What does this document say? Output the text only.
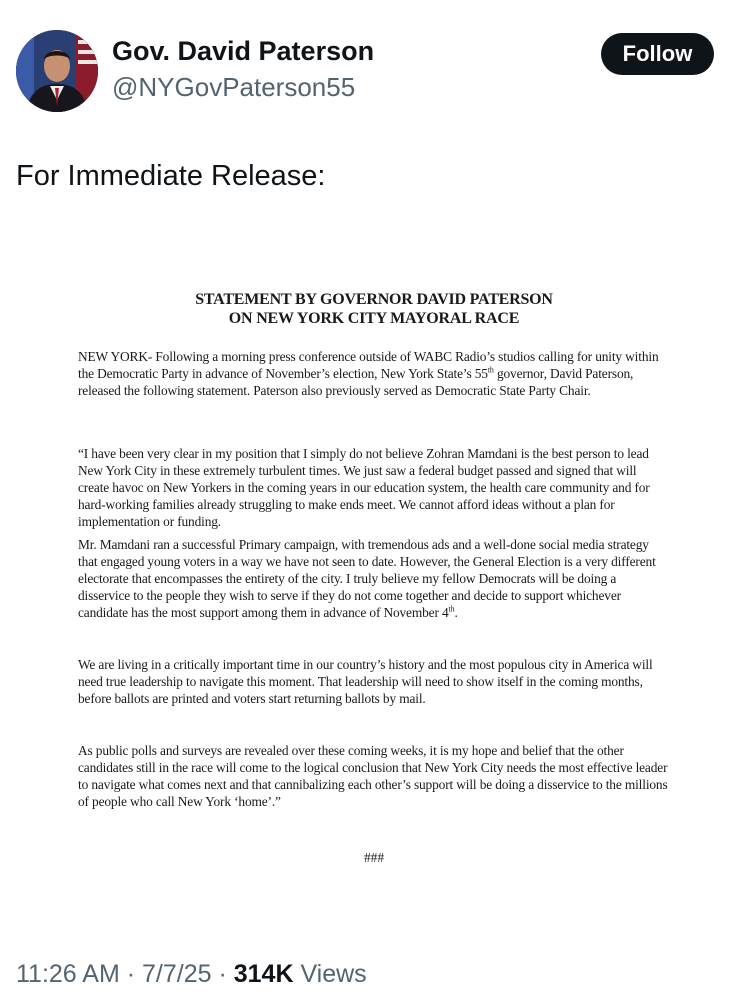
Gov. David Paterson
@NYGovPaterson55
Follow
For Immediate Release:

STATEMENT BY GOVERNOR DAVID PATERSON
ON NEW YORK CITY MAYORAL RACE

NEW YORK- Following a morning press conference outside of WABC Radio’s studios calling for unity within the Democratic Party in advance of November’s election, New York State’s 55th governor, David Paterson, released the following statement. Paterson also previously served as Democratic State Party Chair.

“I have been very clear in my position that I simply do not believe Zohran Mamdani is the best person to lead New York City in these extremely turbulent times. We just saw a federal budget passed and signed that will create havoc on New Yorkers in the coming years in our education system, the health care community and for hard-working families already struggling to make ends meet. We cannot afford ideas without a plan for implementation or funding.

Mr. Mamdani ran a successful Primary campaign, with tremendous ads and a well-done social media strategy that engaged young voters in a way we have not seen to date. However, the General Election is a very different electorate that encompasses the entirety of the city. I truly believe my fellow Democrats will be doing a disservice to the people they wish to serve if they do not come together and decide to support whichever candidate has the most support among them in advance of November 4th.

We are living in a critically important time in our country’s history and the most populous city in America will need true leadership to navigate this moment. That leadership will need to show itself in the coming months, before ballots are printed and voters start returning ballots by mail.

As public polls and surveys are revealed over these coming weeks, it is my hope and belief that the other candidates still in the race will come to the logical conclusion that New York City needs the most effective leader to navigate what comes next and that cannibalizing each other’s support will be doing a disservice to the millions of people who call New York ‘home’.”

###
11:26 AM · 7/7/25 · 314K Views
